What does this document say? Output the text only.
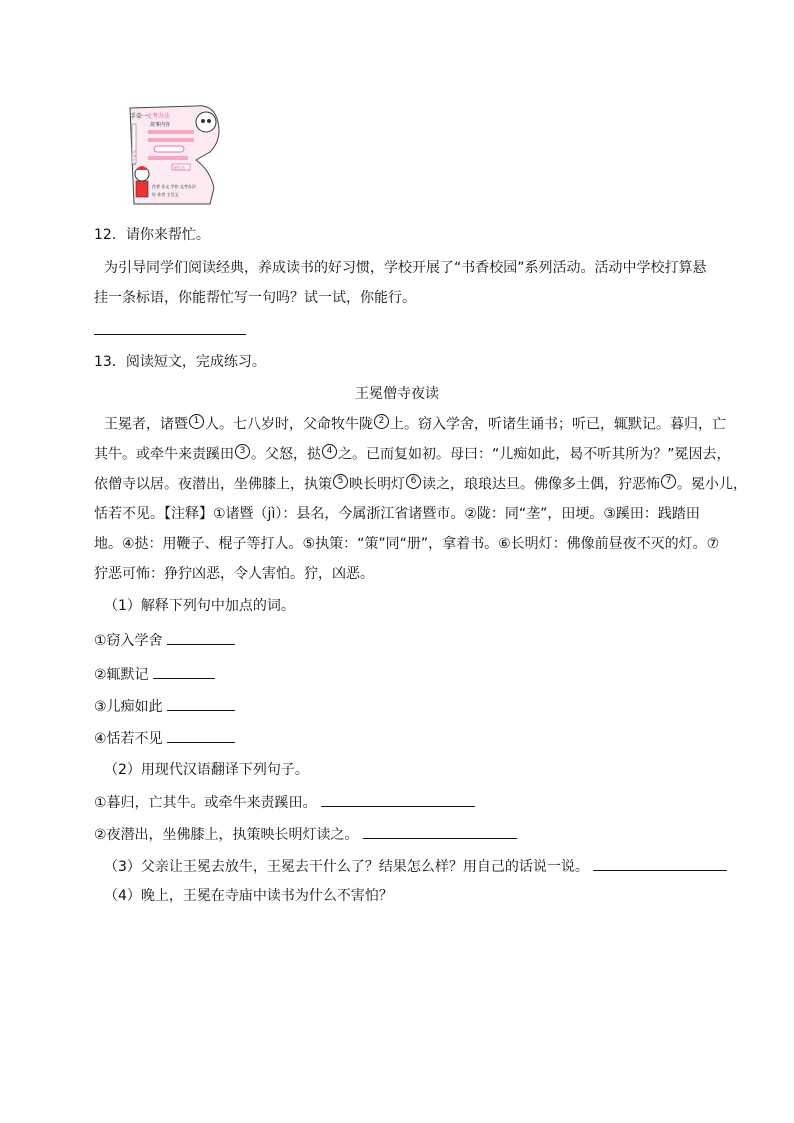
手牵一
文考办法
故事内容
作者卡名
课程表
作者 作文 学作·文考办法
好 作者 主写文
12．请你来帮忙。
为引导同学们阅读经典，养成读书的好习惯，学校开展了“书香校园”系列活动。活动中学校打算悬
挂一条标语，你能帮忙写一句吗？试一试，你能行。
13．阅读短文，完成练习。
王冕僧寺夜读
王冕者，诸暨 1 人。七八岁时，父命牧牛陇 2 上。窃入学舍，听诸生诵书；听已，辄默记。暮归，亡
其牛。或牵牛来责蹊田 3 。父怒，挞 4 之。已而复如初。母曰：“儿痴如此，曷不听其所为？”冕因去，
依僧寺以居。夜潜出，坐佛膝上，执策 5 映长明灯 6 读之，琅琅达旦。佛像多土偶，狞恶怖 7 。冕小儿，
恬若不见。【注释】①诸暨（jì）：县名，今属浙江省诸暨市。②陇：同“垄”，田埂。③蹊田：践踏田
地。④挞：用鞭子、棍子等打人。⑤执策：“策”同“册”，拿着书。⑥长明灯：佛像前昼夜不灭的灯。⑦
狞恶可怖：狰狞凶恶，令人害怕。狞，凶恶。
（1）解释下列句中加点的词。
①窃入学舍
②辄默记
③儿痴如此
④恬若不见
（2）用现代汉语翻译下列句子。
①暮归，亡其牛。或牵牛来责蹊田。
②夜潜出，坐佛膝上，执策映长明灯读之。
（3）父亲让王冕去放牛，王冕去干什么了？结果怎么样？用自己的话说一说。
（4）晚上，王冕在寺庙中读书为什么不害怕？
